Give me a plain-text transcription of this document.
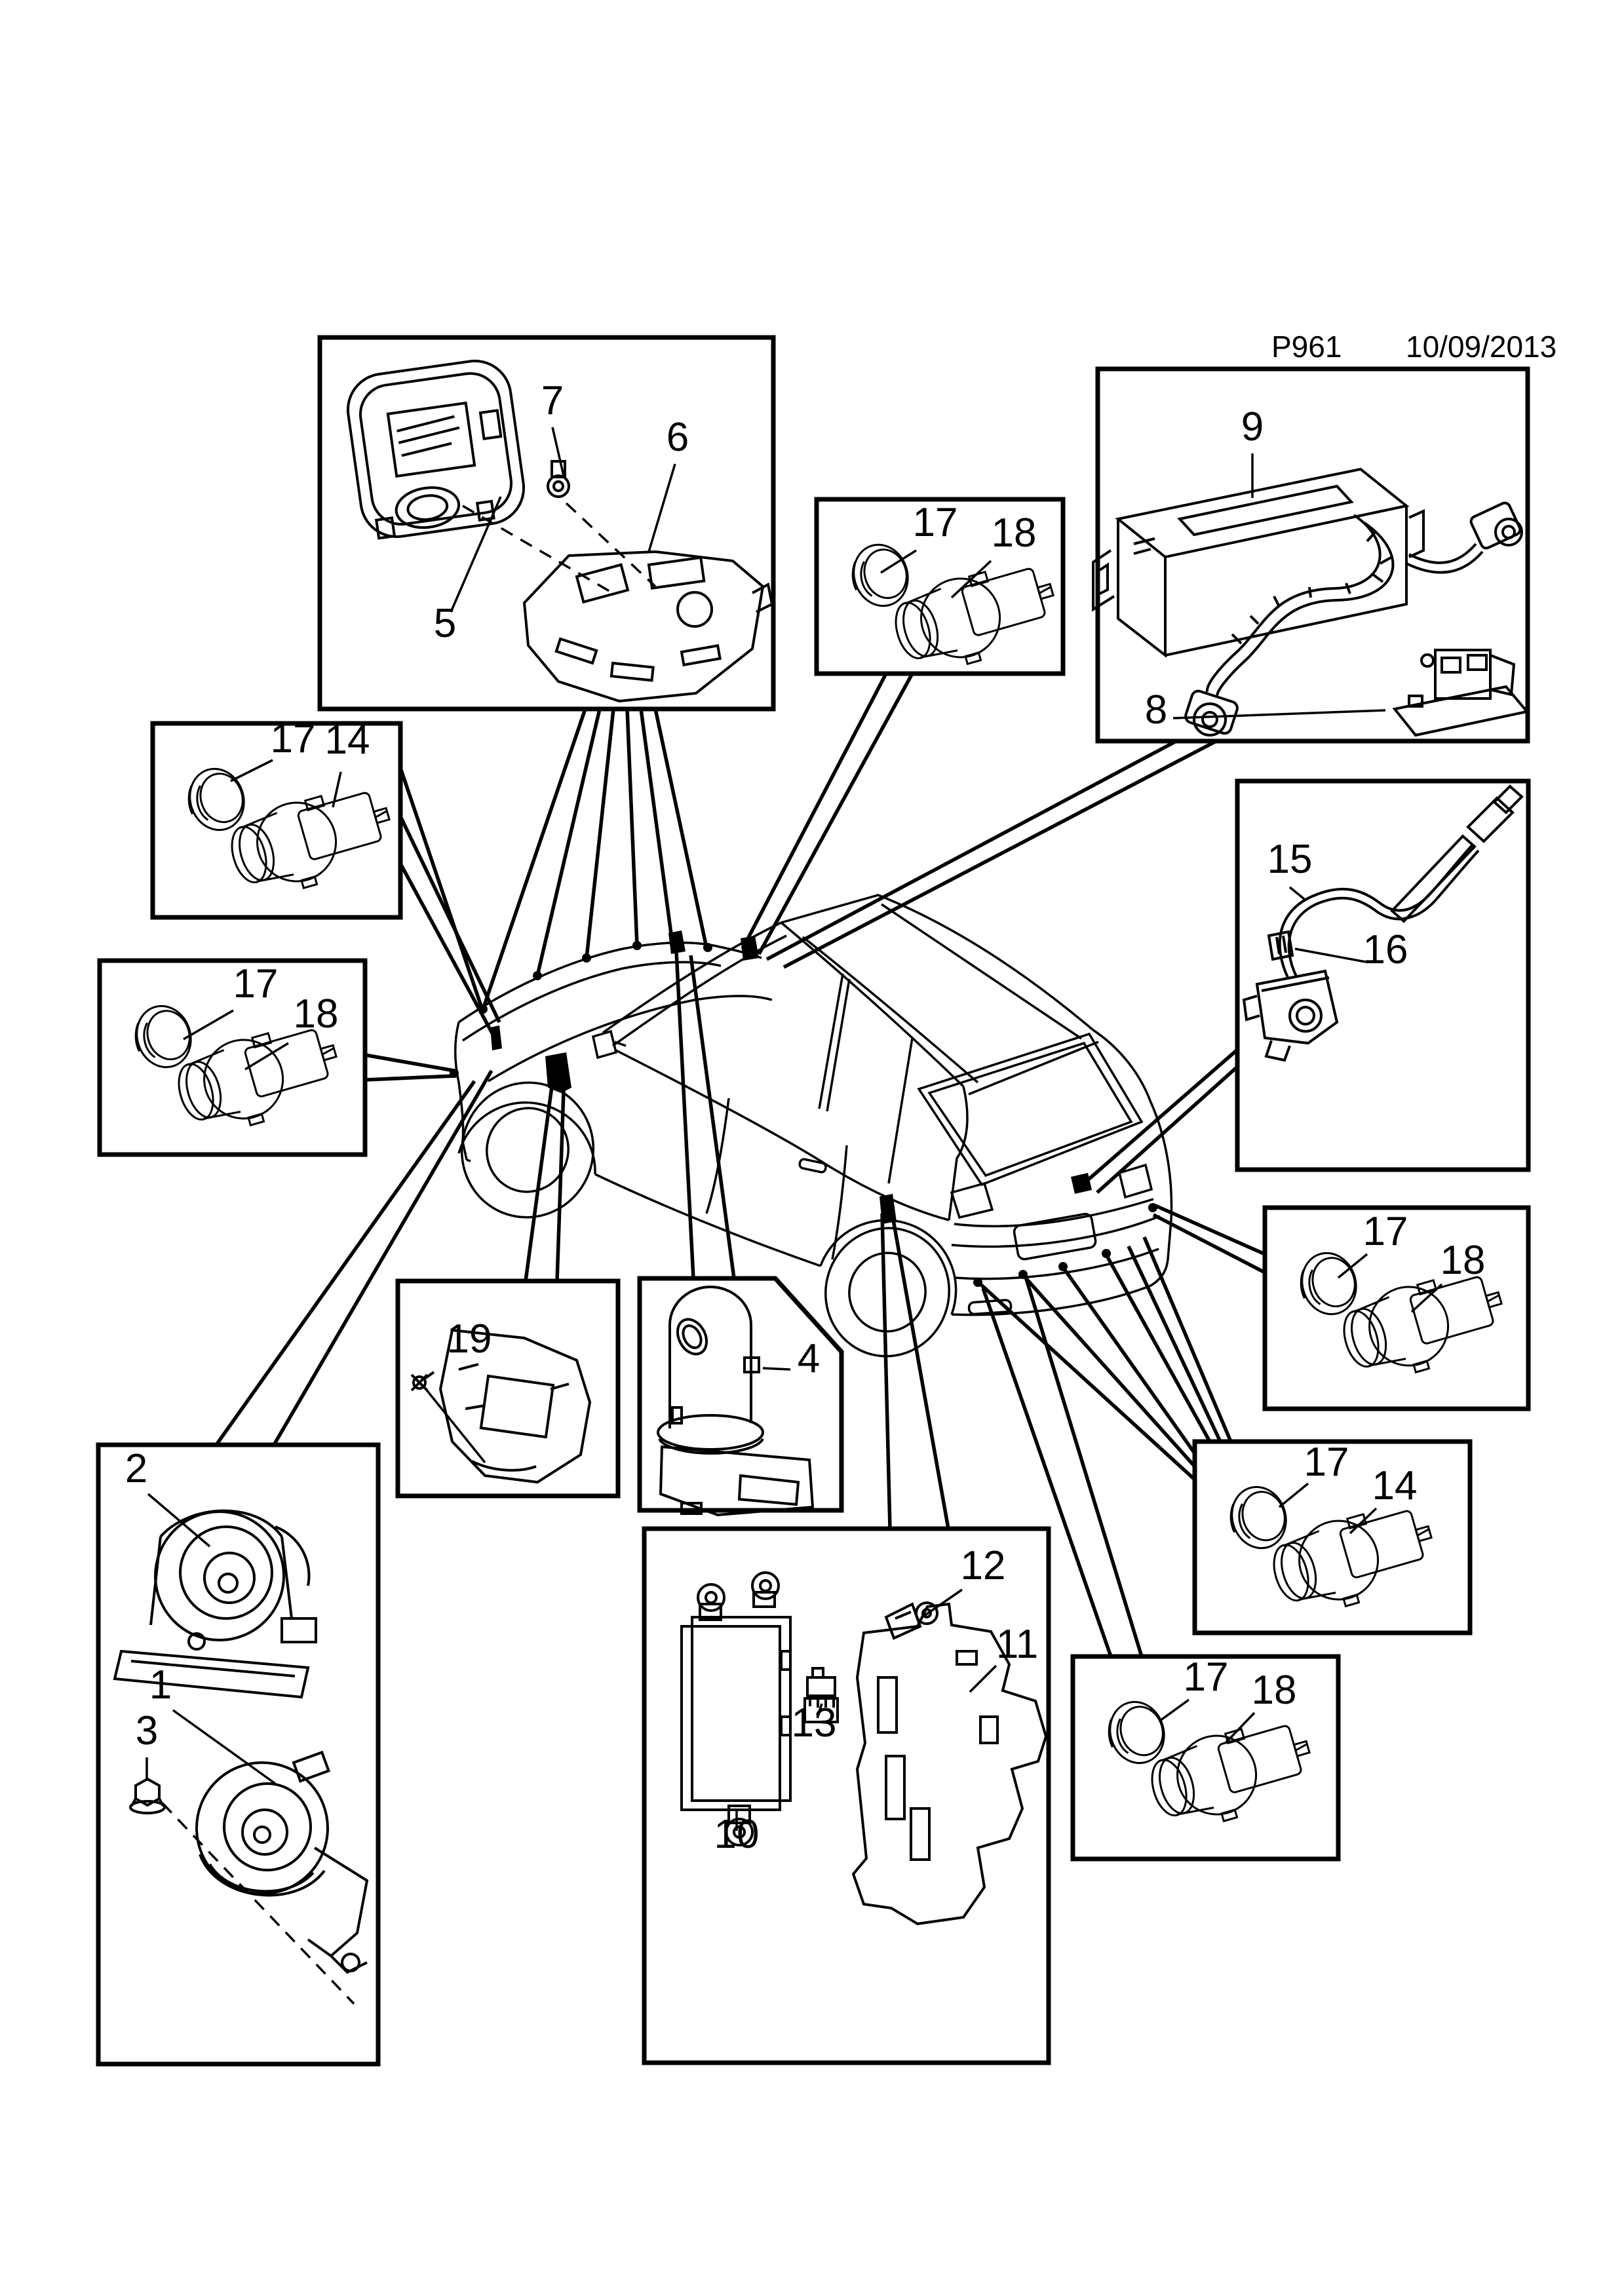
P961 10/09/2013
5
7
6
17 18
9
8
17 14
17
18
15
16
17
18
17
14
17 18
2
1
3
19	4
12
11
13
10
